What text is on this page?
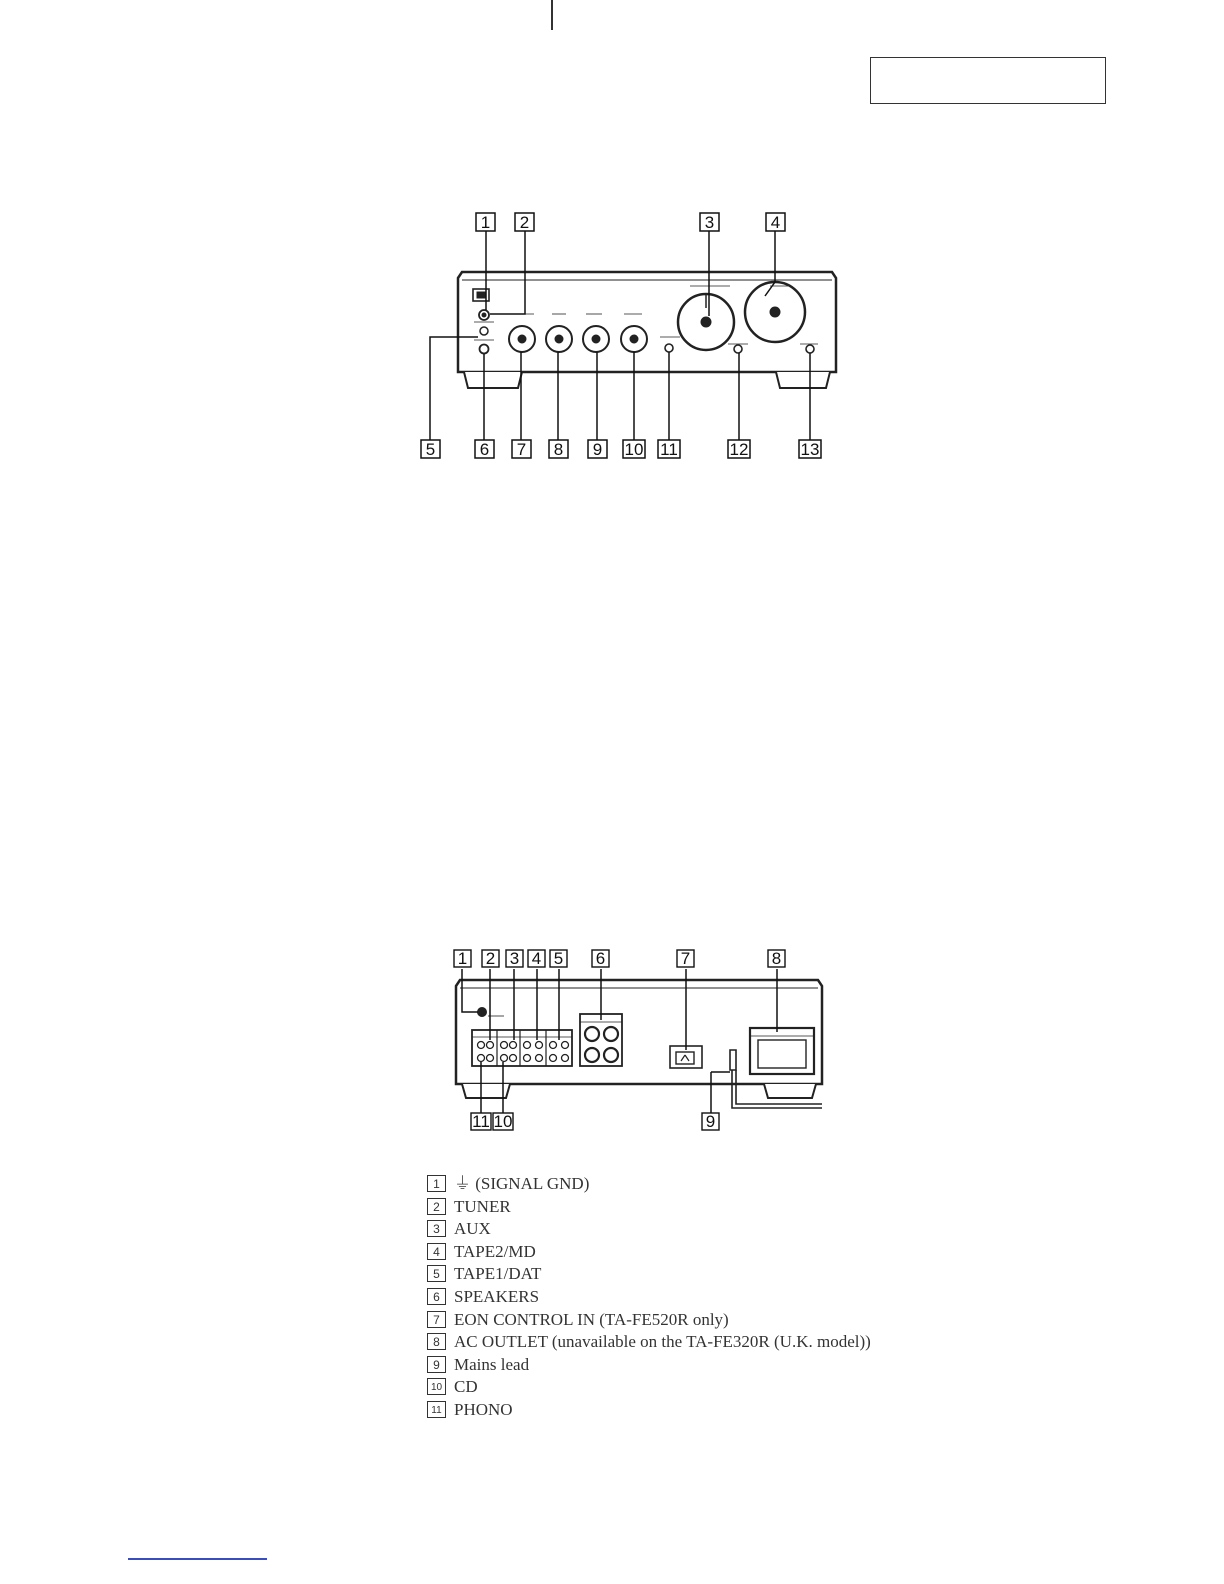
1 2	3	4
5	6 7 8 9 10 11	12	13
1 2 3 4 5 6	7	8
9
10
11
1 ⏚ (SIGNAL GND)
2 TUNER
3 AUX
4 TAPE2/MD
5 TAPE1/DAT
6 SPEAKERS
7 EON CONTROL IN (TA-FE520R only)
8 AC OUTLET (unavailable on the TA-FE320R (U.K. model))
9 Mains lead
10 CD
11 PHONO
